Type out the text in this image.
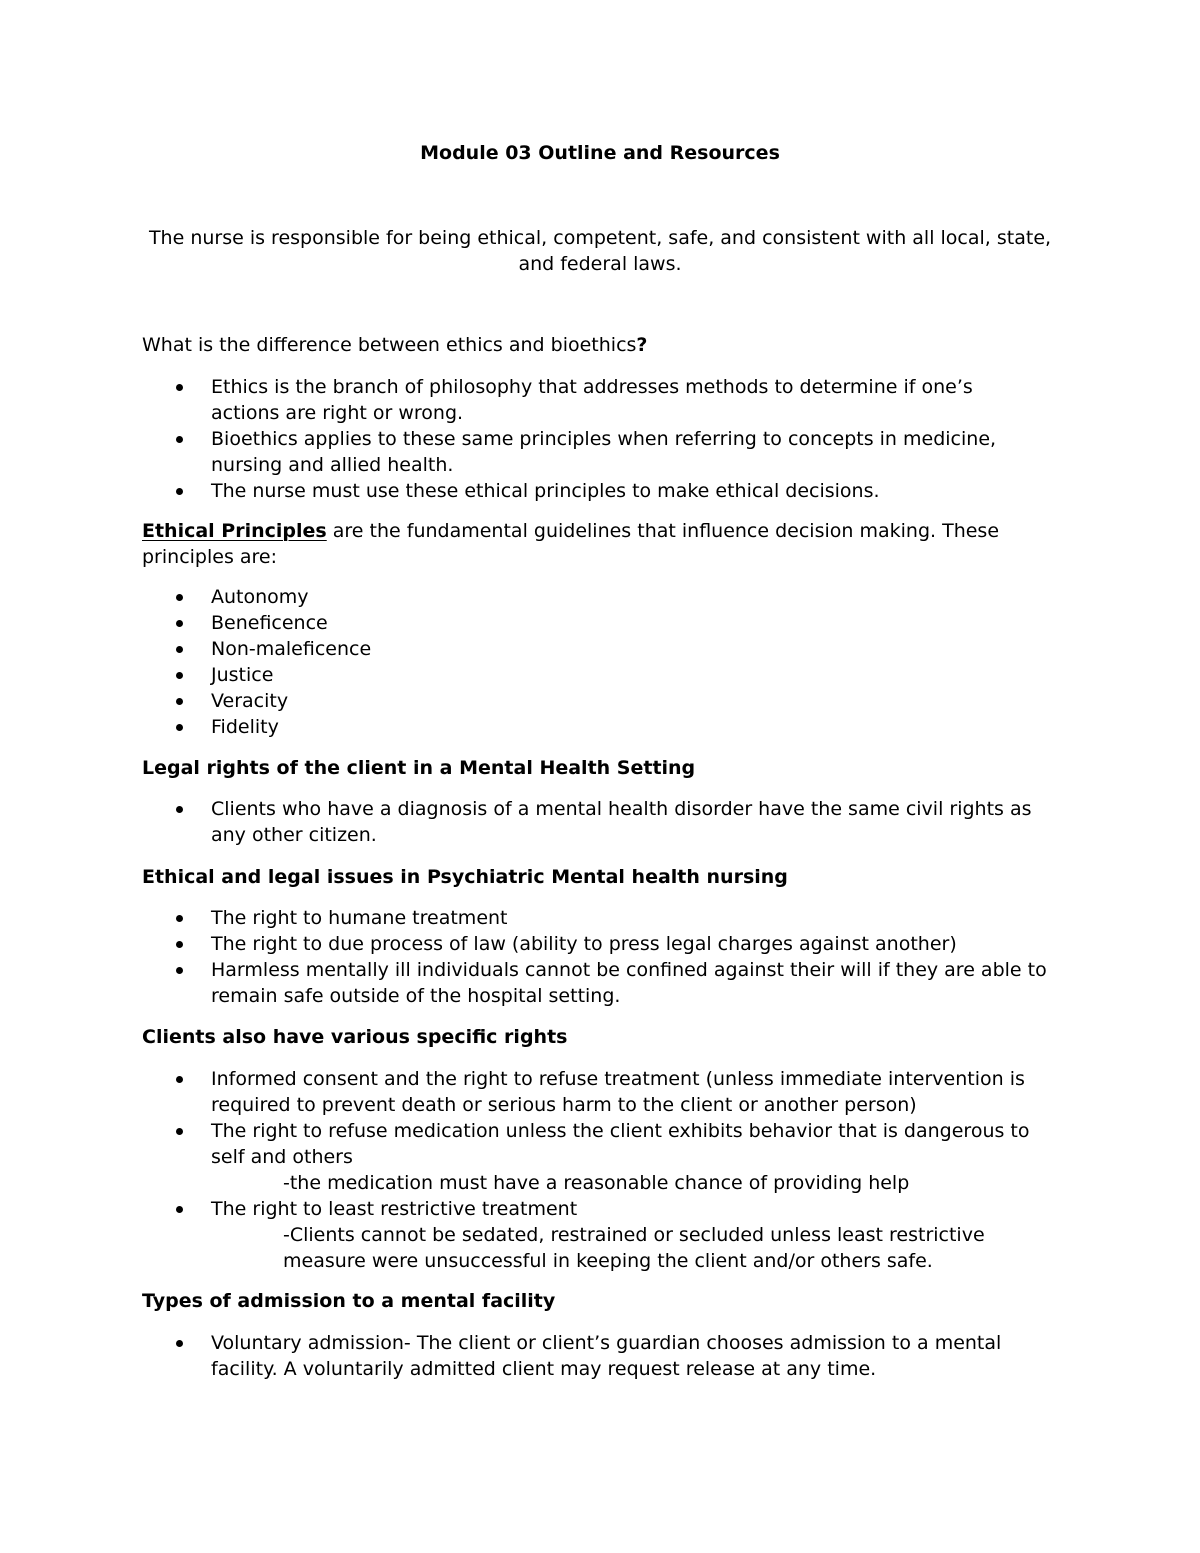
Module 03 Outline and Resources

The nurse is responsible for being ethical, competent, safe, and consistent with all local, state, and federal laws.

What is the difference between ethics and bioethics?

Ethics is the branch of philosophy that addresses methods to determine if one’s actions are right or wrong.
Bioethics applies to these same principles when referring to concepts in medicine, nursing and allied health.
The nurse must use these ethical principles to make ethical decisions.

Ethical Principles are the fundamental guidelines that influence decision making. These principles are:

Autonomy
Beneficence
Non-maleficence
Justice
Veracity
Fidelity

Legal rights of the client in a Mental Health Setting

Clients who have a diagnosis of a mental health disorder have the same civil rights as any other citizen.

Ethical and legal issues in Psychiatric Mental health nursing

The right to humane treatment
The right to due process of law (ability to press legal charges against another)
Harmless mentally ill individuals cannot be confined against their will if they are able to remain safe outside of the hospital setting.

Clients also have various specific rights

Informed consent and the right to refuse treatment (unless immediate intervention is required to prevent death or serious harm to the client or another person)
The right to refuse medication unless the client exhibits behavior that is dangerous to self and others
-the medication must have a reasonable chance of providing help
The right to least restrictive treatment
-Clients cannot be sedated, restrained or secluded unless least restrictive measure were unsuccessful in keeping the client and/or others safe.

Types of admission to a mental facility

Voluntary admission- The client or client’s guardian chooses admission to a mental facility. A voluntarily admitted client may request release at any time.
